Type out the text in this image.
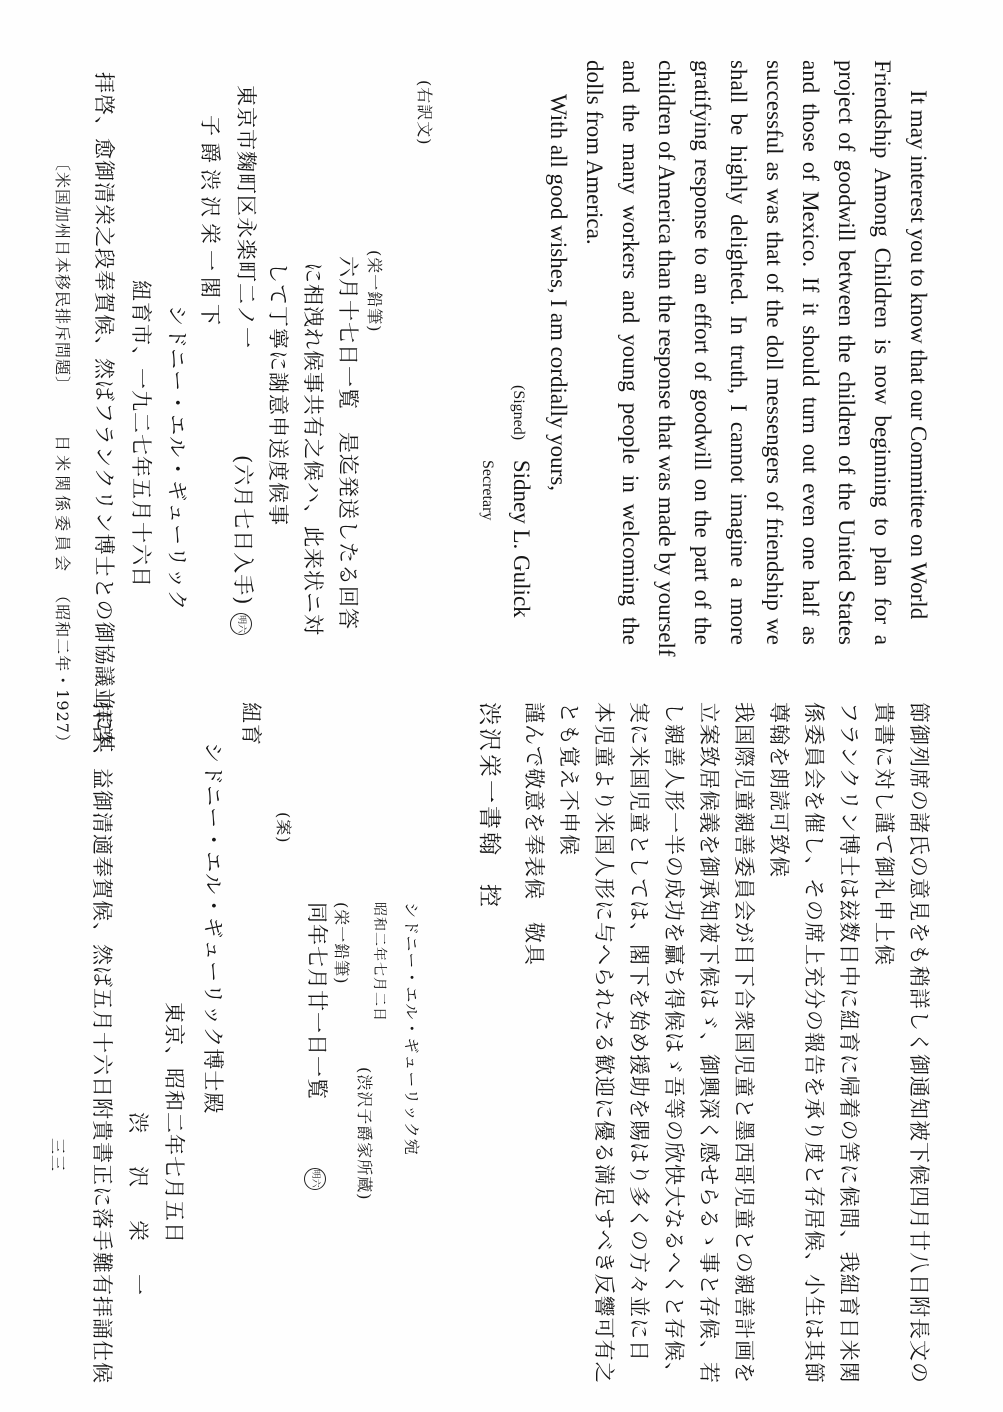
It may interest you to know that our Committee on World
Friendship Among Children is now beginning to plan for a
project of goodwill between the children of the United States
and those of Mexico. If it should turn out even one half as
successful as was that of the doll messengers of friendship we
shall be highly delighted. In truth, I cannot imagine a more
gratifying response to an effort of goodwill on the part of the
children of America than the response that was made by yourself
and the many workers and young people in welcoming the
dolls from America.
With all good wishes, I am cordially yours,
(Signed) Sidney L. Gulick
Secretary
(右訳文)
(栄一鉛筆)
六月十七日一覧　是迄発送したる回答
に相洩れ候事共有之候ハ、此来状ニ対
して丁寧に謝意申送度候事
(六月七日入手) 明六
東京市麴町区永楽町二ノ一
子爵渋沢栄一閣下
シドニー・エル・ギューリック
紐育市、一九二七年五月十六日
拝啓、愈御清栄之段奉賀候、然ばフランクリン博士との御協議並に其
〔米国加州日本移民排斥問題〕 日米関係委員会 （昭和二年・1927）
三三	節御列席の諸氏の意見をも稍詳しく御通知被下候四月廿八日附長文の
貴書に対し謹て御礼申上候
フランクリン博士は玆数日中に紐育に帰着の筈に候間、我紐育日米関
係委員会を催し、その席上充分の報告を承り度と存居候、小生は其節
尊翰を朗読可致候
我国際児童親善委員会が目下合衆国児童と墨西哥児童との親善計画を
立案致居候義を御承知被下候はゞ、御興深く感せらるゝ事と存候、若
し親善人形一半の成功を贏ち得候はゞ吾等の欣快大なるへくと存候、
実に米国児童としては、閣下を始め援助を賜はり多くの方々並に日
本児童より米国人形に与へられたる歓迎に優る満足すべき反響可有之
とも覚え不申候
謹んで敬意を奉表候　敬具
渋沢栄一書翰　控
シドニー・エル・ギューリック宛
昭和二年七月二日
(渋沢子爵家所蔵)
(栄一鉛筆)
同年七月廿一日一覧 明六
(案)
紐育
シドニー・エル・ギューリック博士殿
東京、昭和二年七月五日
渋　沢　栄　一
拝啓、益御清適奉賀候、然ば五月十六日附貴書正に落手難有拝誦仕候
